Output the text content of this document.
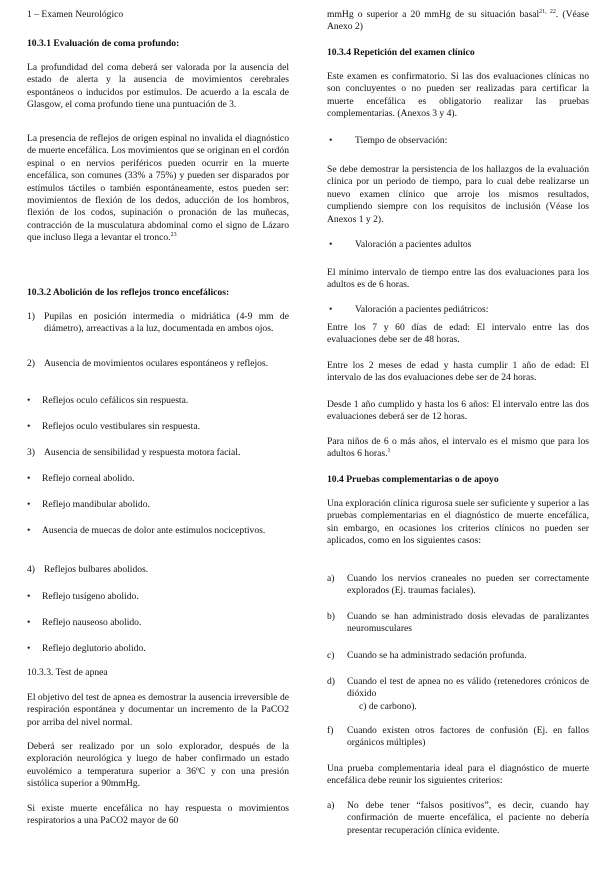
1 – Examen Neurológico

10.3.1 Evaluación de coma profundo:

La profundidad del coma deberá ser valorada por la ausencia del estado de alerta y la ausencia de movimientos cerebrales espontáneos o inducidos por estímulos. De acuerdo a la escala de Glasgow, el coma profundo tiene una puntuación de 3.

La presencia de reflejos de origen espinal no invalida el diagnóstico de muerte encefálica. Los movimientos que se originan en el cordón espinal o en nervios periféricos pueden ocurrir en la muerte encefálica, son comunes (33% a 75%) y pueden ser disparados por estímulos táctiles o también espontáneamente, estos pueden ser: movimientos de flexión de los dedos, aducción de los hombros, flexión de los codos, supinación o pronación de las muñecas, contracción de la musculatura abdominal como el signo de Lázaro que incluso llega a levantar el tronco.$^{23}$

10.3.2 Abolición de los reflejos tronco encefálicos:

1) Pupilas en posición intermedia o midriática (4-9 mm de diámetro), arreactivas a la luz, documentada en ambos ojos.
2) Ausencia de movimientos oculares espontáneos y reflejos.
•	Reflejos oculo cefálicos sin respuesta.
•	Reflejos oculo vestibulares sin respuesta.
3) Ausencia de sensibilidad y respuesta motora facial.
•	Reflejo corneal abolido.
•	Reflejo mandibular abolido.
•	Ausencia de muecas de dolor ante estímulos nociceptivos.
4) Reflejos bulbares abolidos.
•	Reflejo tusígeno abolido.
•	Reflejo nauseoso abolido.
•	Reflejo deglutorio abolido.

10.3.3. Test de apnea

El objetivo del test de apnea es demostrar la ausencia irreversible de respiración espontánea y documentar un incremento de la PaCO2 por arriba del nivel normal.

Deberá ser realizado por un solo explorador, después de la exploración neurológica y luego de haber confirmado un estado euvolémico a temperatura superior a 36ºC y con una presión sistólica superior a 90mmHg.

Si existe muerte encefálica no hay respuesta o movimientos respiratorios a una PaCO2 mayor de 60

mmHg o superior a 20 mmHg de su situación basal$^{21, 22}$. (Véase Anexo 2)

10.3.4 Repetición del examen clínico

Este examen es confirmatorio. Si las dos evaluaciones clínicas no son concluyentes o no pueden ser realizadas para certificar la muerte encefálica es obligatorio realizar las pruebas complementarias. (Anexos 3 y 4).

•	Tiempo de observación:

Se debe demostrar la persistencia de los hallazgos de la evaluación clínica por un periodo de tiempo, para lo cual debe realizarse un nuevo examen clínico que arroje los mismos resultados, cumpliendo siempre con los requisitos de inclusión (Véase los Anexos 1 y 2).

•	Valoración a pacientes adultos

El mínimo intervalo de tiempo entre las dos evaluaciones para los adultos es de 6 horas.

•	Valoración a pacientes pediátricos:

Entre los 7 y 60 días de edad: El intervalo entre las dos evaluaciones debe ser de 48 horas.

Entre los 2 meses de edad y hasta cumplir 1 año de edad: El intervalo de las dos evaluaciones debe ser de 24 horas.

Desde 1 año cumplido y hasta los 6 años: El intervalo entre las dos evaluaciones deberá ser de 12 horas.

Para niños de 6 o más años, el intervalo es el mismo que para los adultos 6 horas.$^1$

10.4 Pruebas complementarias o de apoyo

Una exploración clínica rigurosa suele ser suficiente y superior a las pruebas complementarias en el diagnóstico de muerte encefálica, sin embargo, en ocasiones los criterios clínicos no pueden ser aplicados, como en los siguientes casos:

a)	Cuando los nervios craneales no pueden ser correctamente explorados (Ej. traumas faciales).
b)	Cuando se han administrado dosis elevadas de paralizantes neuromusculares
c)	Cuando se ha administrado sedación profunda.
d)	Cuando el test de apnea no es válido (retenedores crónicos de dióxido

c) de carbono).

f)	Cuando existen otros factores de confusión (Ej. en fallos orgánicos múltiples)

Una prueba complementaria ideal para el diagnóstico de muerte encefálica debe reunir los siguientes criterios:

a)	No debe tener “falsos positivos”, es decir, cuando hay confirmación de muerte encefálica, el paciente no debería presentar recuperación clínica evidente.
